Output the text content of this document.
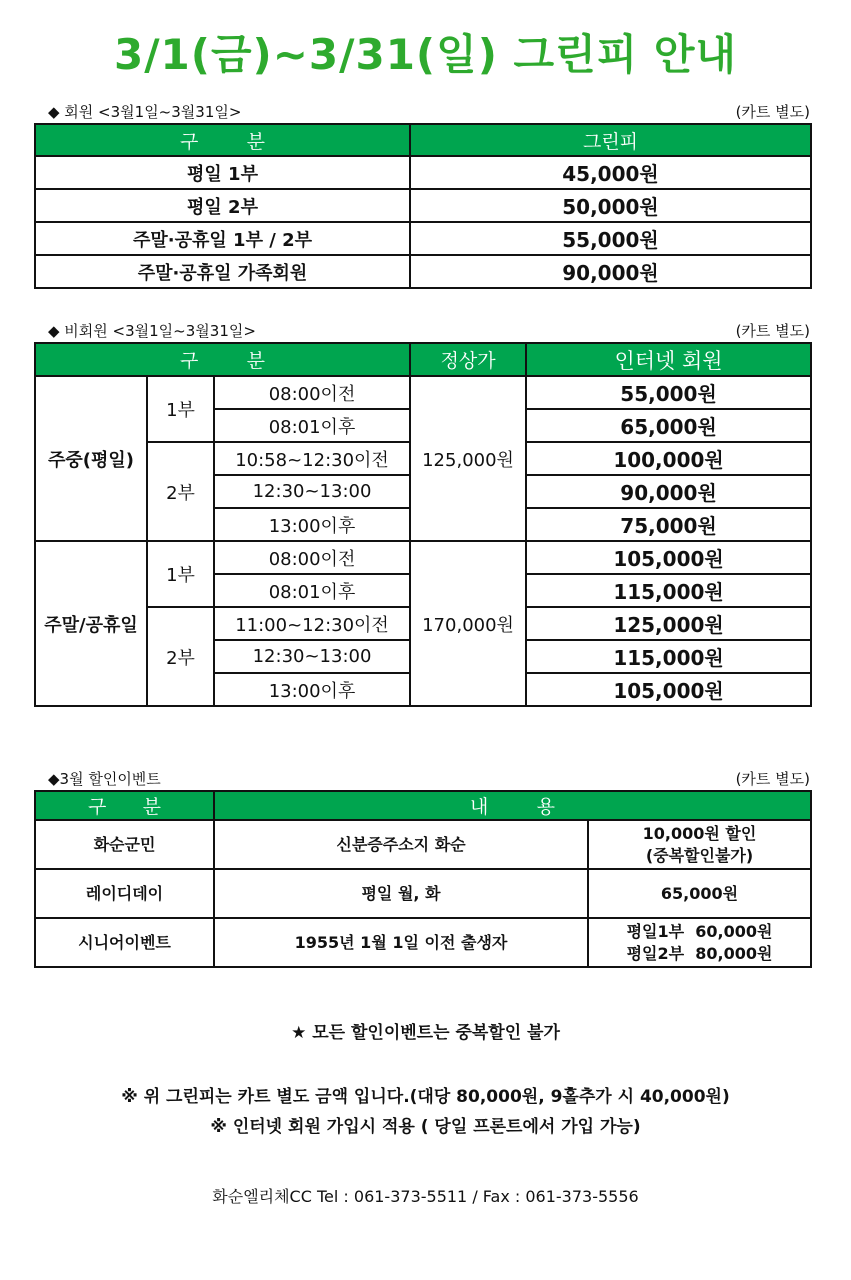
3/1(금)~3/31(일) 그린피 안내
◆ 회원 <3월1일~3월31일>	(카트 별도)
구        분	그린피
평일 1부	45,000원
평일 2부	50,000원
주말·공휴일 1부 / 2부	55,000원
주말·공휴일 가족회원	90,000원
◆ 비회원 <3월1일~3월31일>	(카트 별도)
구        분			정상가	인터넷 회원
주중(평일)	1부	08:00이전	125,000원	55,000원
		08:01이후		65,000원
	2부	10:58~12:30이전		100,000원
		12:30~13:00		90,000원
		13:00이후		75,000원
주말/공휴일	1부	08:00이전	170,000원	105,000원
		08:01이후		115,000원
	2부	11:00~12:30이전		125,000원
		12:30~13:00		115,000원
		13:00이후		105,000원
◆3월 할인이벤트	(카트 별도)
구      분	내        용	
화순군민	신분증주소지 화순	10,000원 할인
(중복할인불가)

레이디데이	평일 월, 화	65,000원

시니어이벤트	1955년 1월 1일 이전 출생자	평일1부  60,000원
평일2부  80,000원
★ 모든 할인이벤트는 중복할인 불가
※ 위 그린피는 카트 별도 금액 입니다.(대당 80,000원, 9홀추가 시 40,000원)
※ 인터넷 회원 가입시 적용 ( 당일 프론트에서 가입 가능)
화순엘리체CC Tel : 061-373-5511 / Fax : 061-373-5556
